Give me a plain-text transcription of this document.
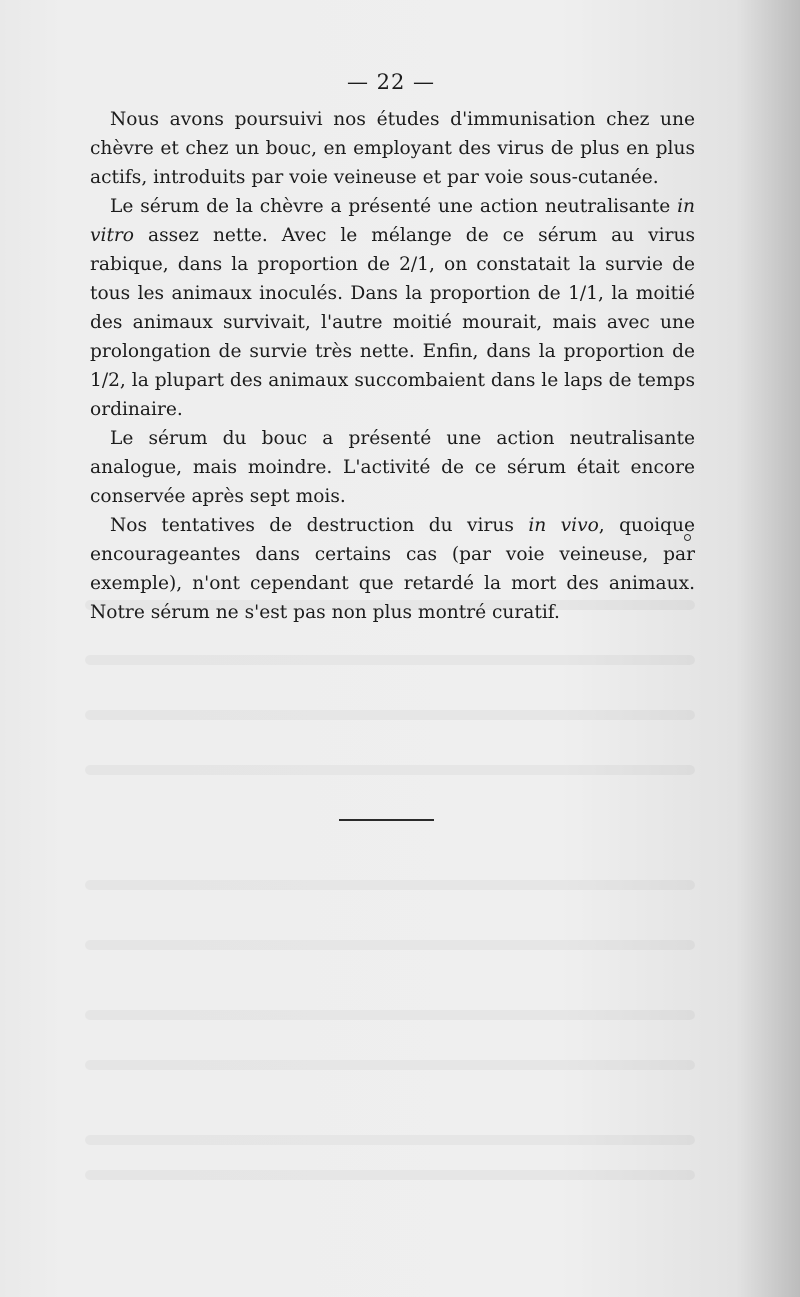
— 22 —

Nous avons poursuivi nos études d'immunisation chez une chèvre et chez un bouc, en employant des virus de plus en plus actifs, introduits par voie veineuse et par voie sous-cutanée.

Le sérum de la chèvre a présenté une action neutralisante in vitro assez nette. Avec le mélange de ce sérum au virus rabique, dans la proportion de 2/1, on constatait la survie de tous les animaux inoculés. Dans la proportion de 1/1, la moitié des animaux survivait, l'autre moitié mourait, mais avec une prolongation de survie très nette. Enfin, dans la proportion de 1/2, la plupart des animaux succombaient dans le laps de temps ordinaire.

Le sérum du bouc a présenté une action neutralisante analogue, mais moindre. L'activité de ce sérum était encore conservée après sept mois.

Nos tentatives de destruction du virus in vivo, quoique encourageantes dans certains cas (par voie veineuse, par exemple), n'ont cependant que retardé la mort des animaux. Notre sérum ne s'est pas non plus montré curatif.
